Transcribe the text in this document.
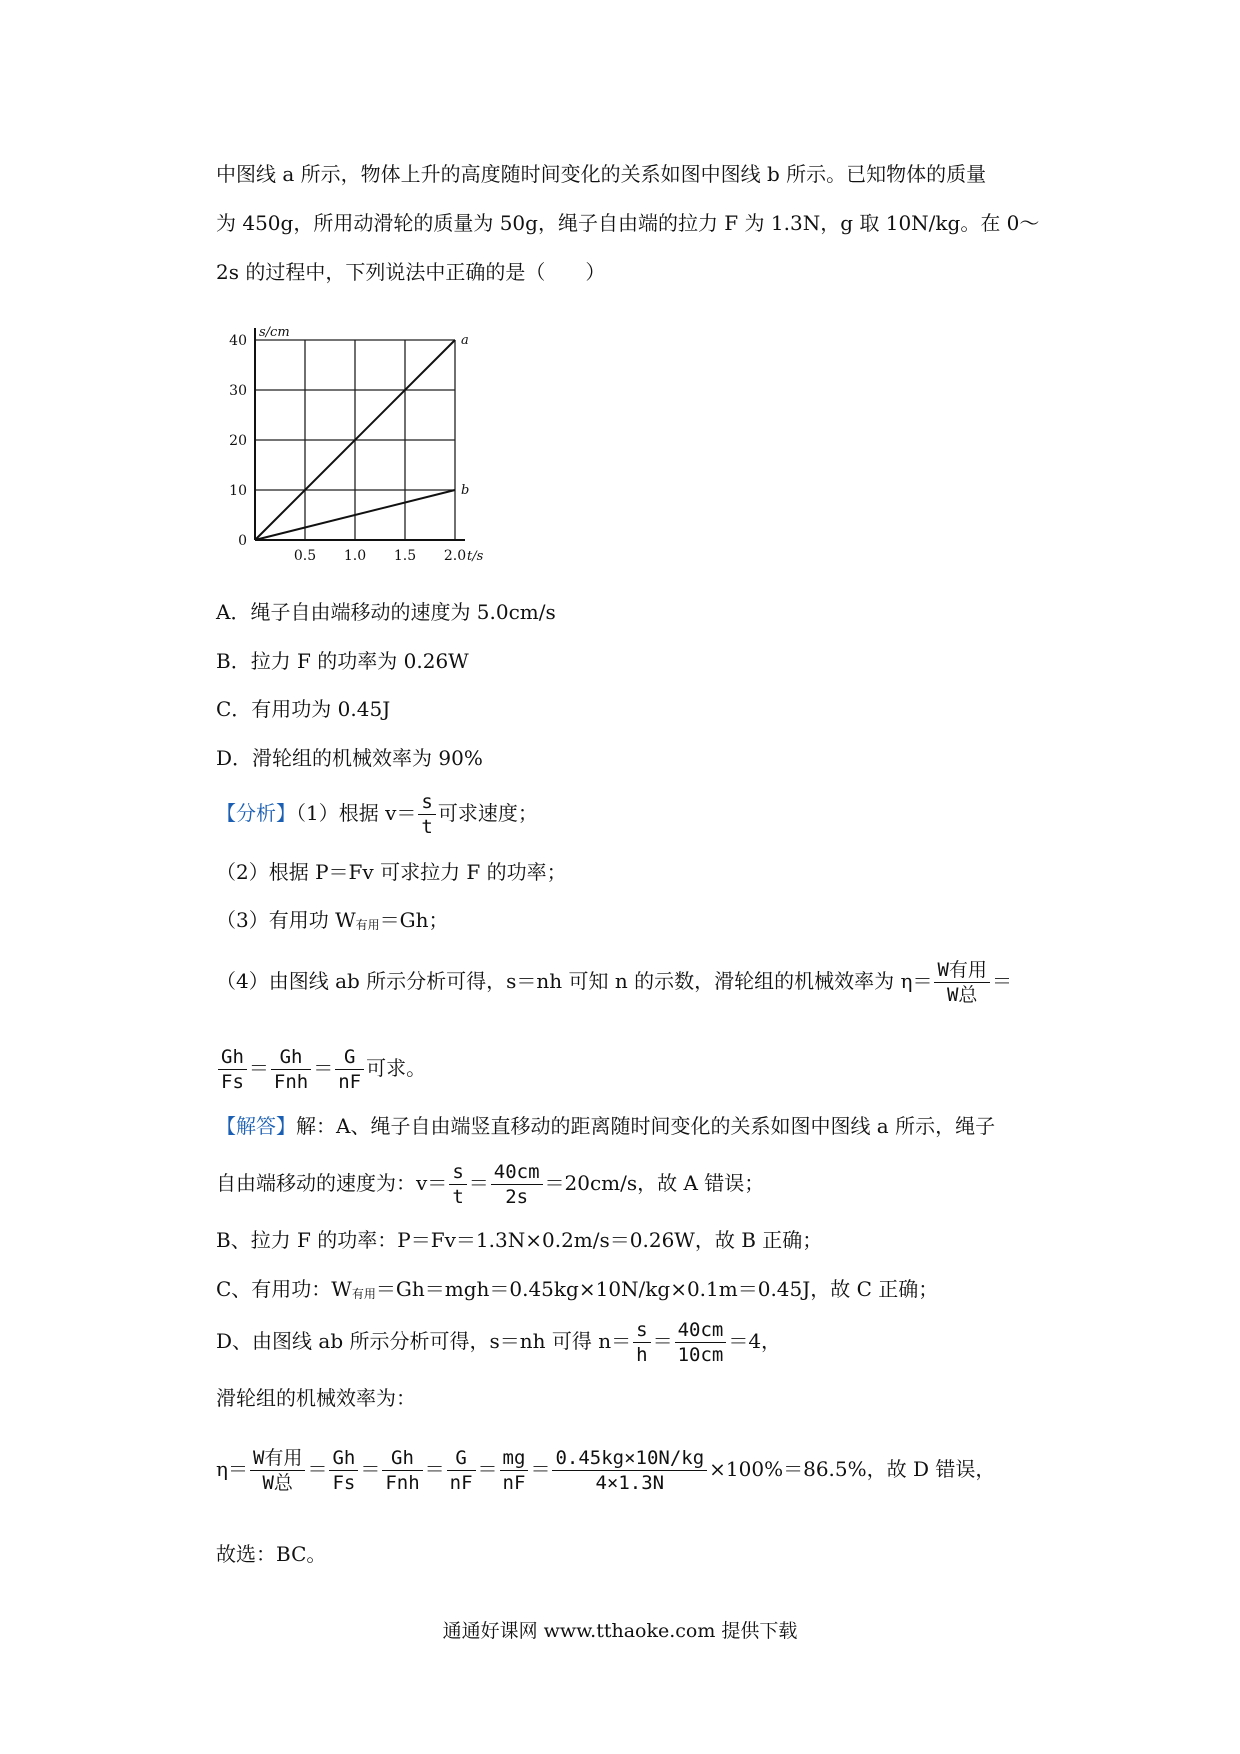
中图线 a 所示，物体上升的高度随时间变化的关系如图中图线 b 所示。已知物体的质量
为 450g，所用动滑轮的质量为 50g，绳子自由端的拉力 F 为 1.3N，g 取 10N/kg。在 0～
2s 的过程中，下列说法中正确的是（　　）
0
10
20
30
40
0.5 1.0 1.5 2.0
s/cm
t/s
a
b
A．绳子自由端移动的速度为 5.0cm/s
B．拉力 F 的功率为 0.26W
C．有用功为 0.45J
D．滑轮组的机械效率为 90%
【分析】（1）根据 $v= \frac{s}{t}$ 可求速度；
（2）根据 P＝Fv 可求拉力 F 的功率；
（3）有用功 W有用＝Gh；
（4）由图线 ab 所示分析可得，s＝nh 可知 n 的示数，滑轮组的机械效率为 $\eta= \frac{\text{W有用}}{\text{W总}}$ ＝
$\frac{Gh}{Fs} = \frac{Gh}{\text{Fnh}} = \frac{G}{nF}$ 可求。
【解答】解：A、绳子自由端竖直移动的距离随时间变化的关系如图中图线 a 所示，绳子
自由端移动的速度为：$v= \frac{s}{t} = \frac{40cm}{2s} =20cm/s$，故 A 错误；
B、拉力 F 的功率：P＝Fv＝1.3N×0.2m/s＝0.26W，故 B 正确；
C、有用功：W有用＝Gh＝mgh＝0.45kg×10N/kg×0.1m＝0.45J，故 C 正确；
D、由图线 ab 所示分析可得，s＝nh 可得 $n= \frac{s}{h} = \frac{40cm}{10cm} =4$，
滑轮组的机械效率为：
$\eta= \frac{\text{W有用}}{\text{W总}} = \frac{Gh}{Fs} = \frac{Gh}{\text{Fnh}} = \frac{G}{nF} = \frac{mg}{nF} = \frac{0.45kg\times 10N/kg}{4\times 1.3N} \times 100\%=86.5\%$，故 D 错误，
故选：BC。
通通好课网 www.tthaoke.com 提供下载
